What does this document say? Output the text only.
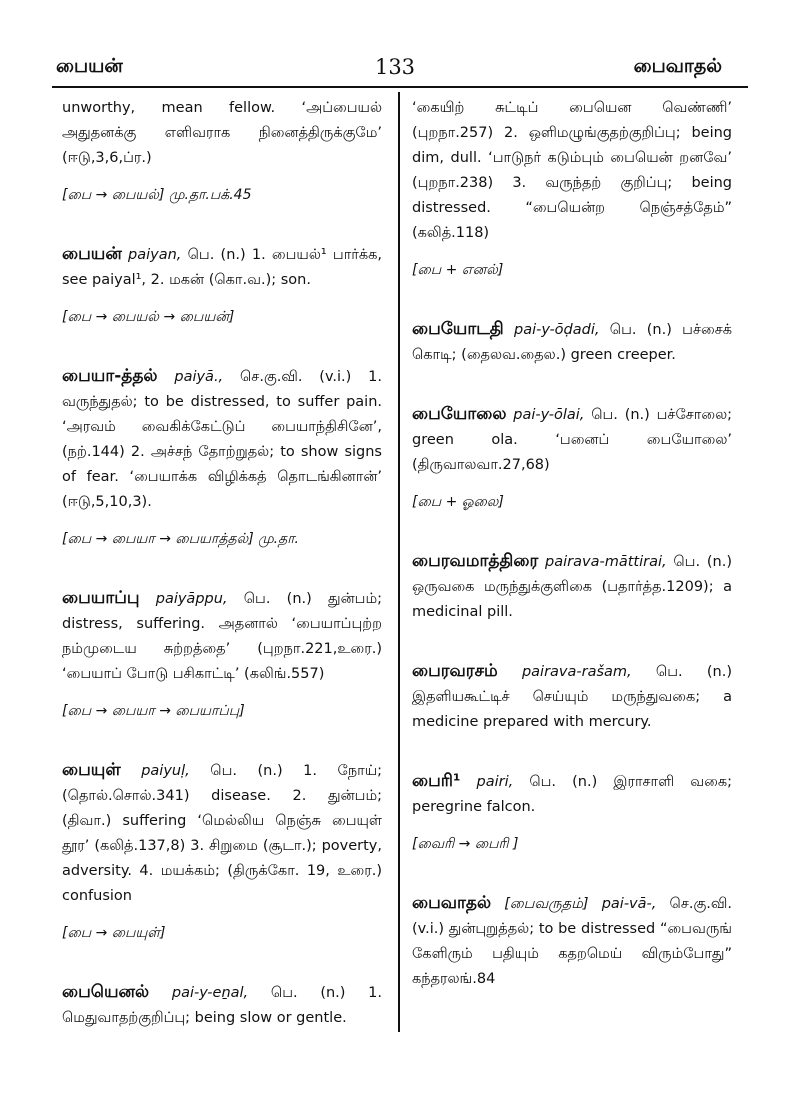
பையன்	133	பைவாதல்

unworthy, mean fellow. ‘அப்பையல் அதுதனக்கு எளிவராக நினைத்திருக்குமே’ (ஈடு,3,6,ப்ர.)

[பை → பையல்] மு.தா.பக்.45

பையன் paiyan, பெ. (n.) 1. பையல்¹ பார்க்க, see paiyal¹, 2. மகன் (கொ.வ.); son.

[பை → பையல் → பையன்]

பையா-த்தல் paiyā., செ.கு.வி. (v.i.) 1. வருந்துதல்; to be distressed, to suffer pain. ‘அரவம் வைகிக்கேட்டுப் பையாந்திசினே’, (நற்.144) 2. அச்சந் தோற்றுதல்; to show signs of fear. ‘பையாக்க விழிக்கத் தொடங்கினான்’ (ஈடு,5,10,3).

[பை → பையா → பையாத்தல்] மு.தா.

பையாப்பு paiyāppu, பெ. (n.) துன்பம்; distress, suffering. அதனால் ‘பையாப்புற்ற நம்முடைய சுற்றத்தை’ (புறநா.221,உரை.) ‘பையாப் போடு பசிகாட்டி’ (கலிங்.557)

[பை → பையா → பையாப்பு]

பையுள் paiyuḷ, பெ. (n.) 1. நோய்; (தொல்.சொல்.341) disease. 2. துன்பம்; (திவா.) suffering ‘மெல்லிய நெஞ்சு பையுள் தூர’ (கலித்.137,8) 3. சிறுமை (சூடா.); poverty, adversity. 4. மயக்கம்; (திருக்கோ. 19, உரை.) confusion

[பை → பையுள்]

பையெனல் pai-y-eṉal, பெ. (n.) 1. மெதுவாதற்குறிப்பு; being slow or gentle.

‘கையிற் சுட்டிப் பையென வெண்ணி’ (புறநா.257) 2. ஒளிமழுங்குதற்குறிப்பு; being dim, dull. ‘பாடுநர் கடும்பும் பையென் றனவே’ (புறநா.238) 3. வருந்தற் குறிப்பு; being distressed. “பையென்ற நெஞ்சத்தேம்” (கலித்.118)

[பை + எனல்]

பையோடதி pai-y-ōḍadi, பெ. (n.) பச்சைக் கொடி; (தைலவ.தைல.) green creeper.

பையோலை pai-y-ōlai, பெ. (n.) பச்சோலை; green ola. ‘பனைப் பையோலை’ (திருவாலவா.27,68)

[பை + ஓலை]

பைரவமாத்திரை pairava-māttirai, பெ. (n.) ஒருவகை மருந்துக்குளிகை (பதார்த்த.1209); a medicinal pill.

பைரவரசம் pairava-rašam, பெ. (n.) இதளியகூட்டிச் செய்யும் மருந்துவகை; a medicine prepared with mercury.

பைரி¹ pairi, பெ. (n.) இராசாளி வகை; peregrine falcon.

[வைரி → பைரி ]

பைவாதல் [பைவருதம்] pai-vā-, செ.கு.வி. (v.i.) துன்புறுத்தல்; to be distressed “பைவருங் கேளிரும் பதியும் கதறமெய் விரும்போது” கந்தரலங்.84
